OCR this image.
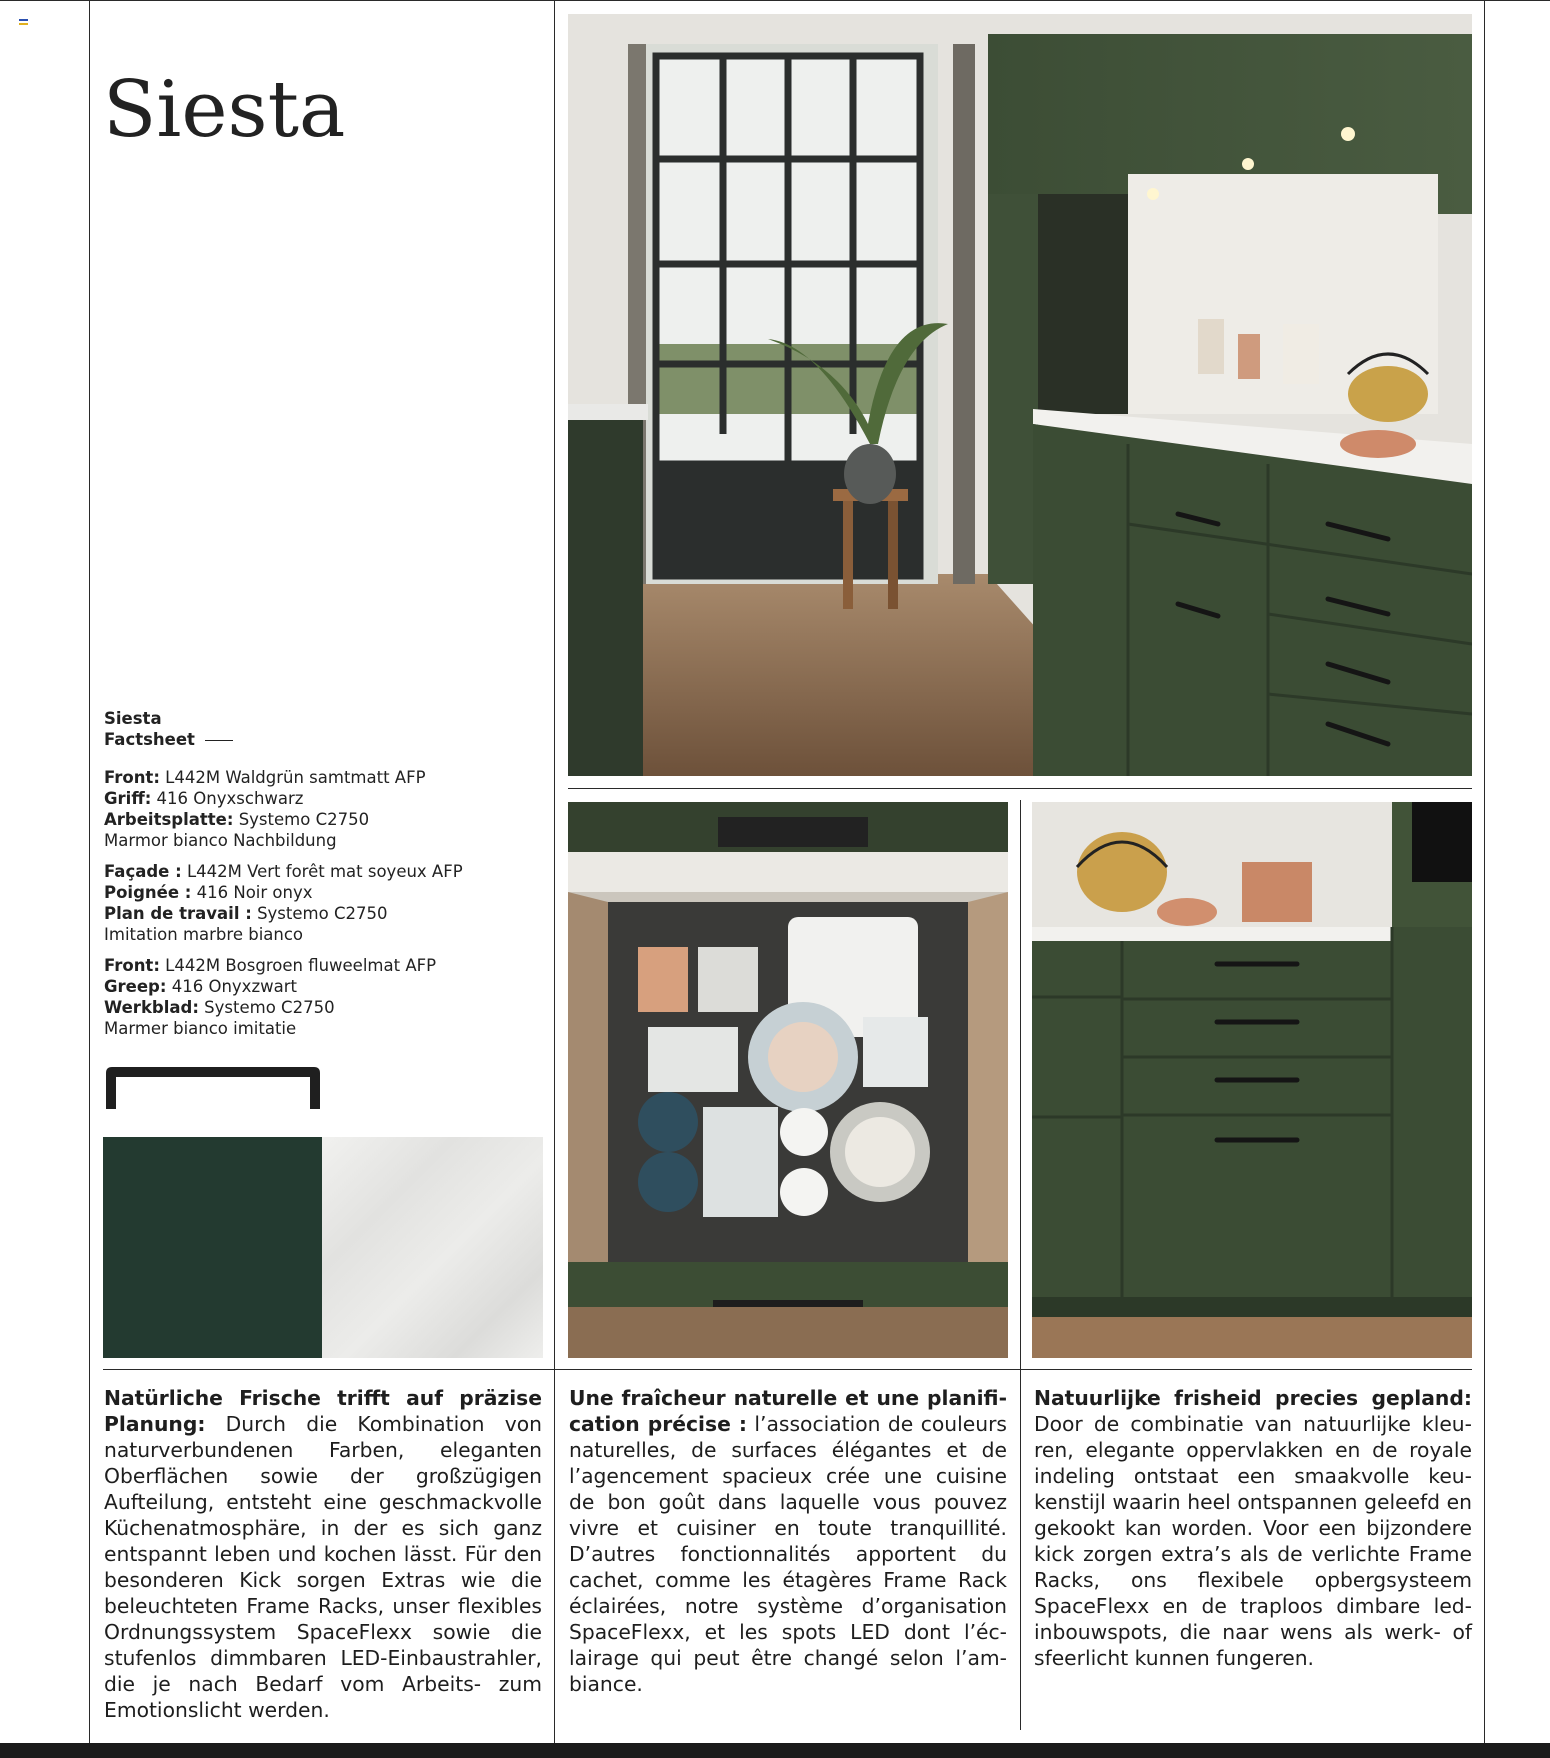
Siesta
Siesta
Factsheet
Front: L442M Waldgrün samtmatt AFP
Griff: 416 Onyxschwarz
Arbeitsplatte: Systemo C2750
Marmor bianco Nachbildung
Façade : L442M Vert forêt mat soyeux AFP
Poignée : 416 Noir onyx
Plan de travail : Systemo C2750
Imitation marbre bianco
Front: L442M Bosgroen fluweelmat AFP
Greep: 416 Onyxzwart
Werkblad: Systemo C2750
Marmer bianco imitatie
Natürliche Frische trifft auf präzise Planung: Durch die Kombination von naturverbundenen Farben, eleganten Oberflächen sowie der großzügigen Aufteilung, entsteht eine geschmackvolle Küchenatmosphäre, in der es sich ganz entspannt leben und kochen lässt. Für den besonderen Kick sorgen Extras wie die beleuchteten Frame Racks, unser flexibles Ordnungssystem SpaceFlexx sowie die stufenlos dimmbaren LED-Einbaustrahler, die je nach Bedarf vom Arbeits- zum Emotionslicht werden.
Une fraîcheur naturelle et une planification précise : l’association de couleurs naturelles, de surfaces élégantes et de l’agencement spacieux crée une cuisine de bon goût dans laquelle vous pouvez vivre et cuisiner en toute tranquillité. D’autres fonctionnalités apportent du cachet, comme les étagères Frame Rack éclairées, notre système d’organisation SpaceFlexx, et les spots LED dont l’éclairage qui peut être changé selon l’ambiance.
Natuurlijke frisheid precies gepland: Door de combinatie van natuurlijke kleuren, elegante oppervlakken en de royale indeling ontstaat een smaakvolle keukenstijl waarin heel ontspannen geleefd en gekookt kan worden. Voor een bijzondere kick zorgen extra’s als de verlichte Frame Racks, ons flexibele opbergsysteem SpaceFlexx en de traploos dimbare led-inbouwspots, die naar wens als werk- of sfeerlicht kunnen fungeren.
